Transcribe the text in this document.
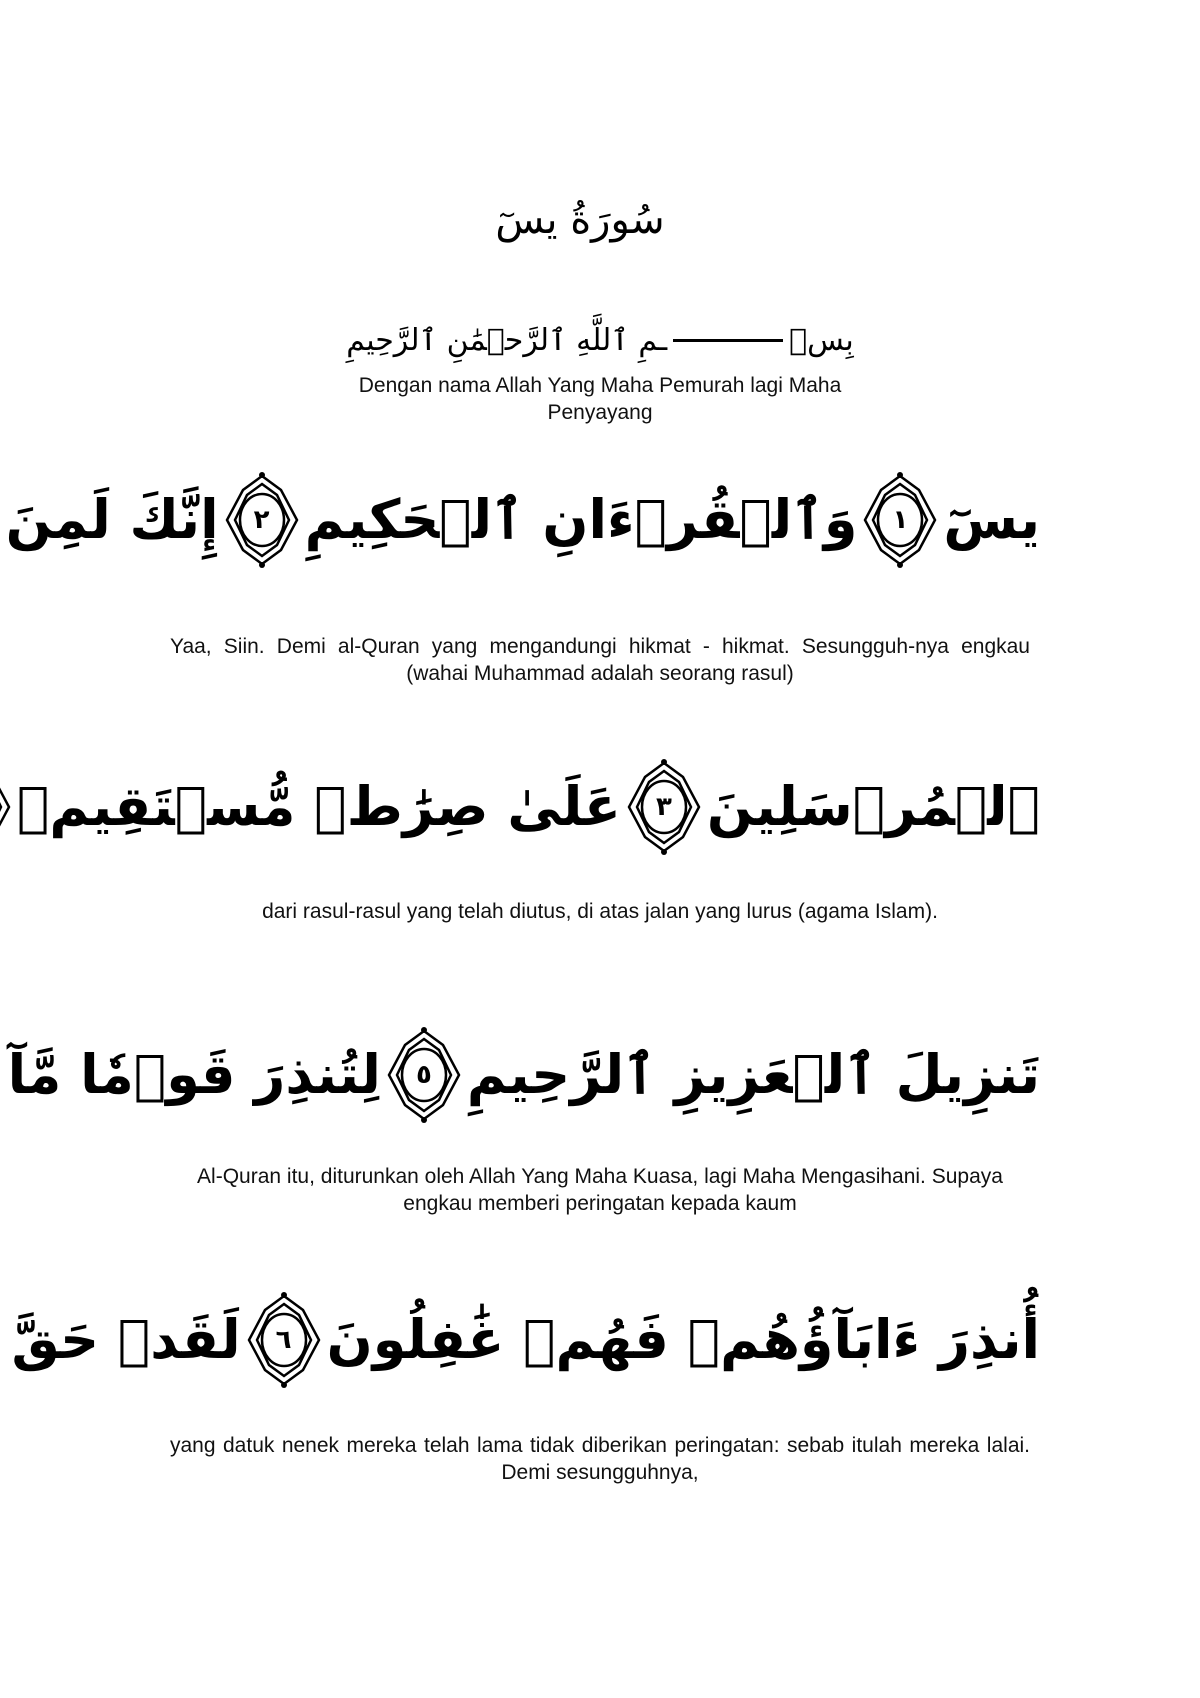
سُورَةُ يسٓ
بِسۡ
ـمِ ٱللَّهِ ٱلرَّحۡمَٰنِ ٱلرَّحِيمِ
Dengan nama Allah Yang Maha Pemurah lagi Maha Penyayang
يسٓ
١
وَٱلۡقُرۡءَانِ ٱلۡحَكِيمِ
٢
إِنَّكَ لَمِنَ
Yaa, Siin. Demi al-Quran yang mengandungi hikmat - hikmat. Sesungguh-nya engkau (wahai Muhammad adalah seorang rasul)
ٱلۡمُرۡسَلِينَ
٣
عَلَىٰ صِرَٰطٖ مُّسۡتَقِيمٖ
dari rasul-rasul yang telah diutus, di atas jalan yang lurus (agama Islam).
تَنزِيلَ ٱلۡعَزِيزِ ٱلرَّحِيمِ
٥
لِتُنذِرَ قَوۡمٗا مَّآ
Al-Quran itu, diturunkan oleh Allah Yang Maha Kuasa, lagi Maha Mengasihani. Supaya engkau memberi peringatan kepada kaum
أُنذِرَ ءَابَآؤُهُمۡ فَهُمۡ غَٰفِلُونَ
٦
لَقَدۡ حَقَّ
yang datuk nenek mereka telah lama tidak diberikan peringatan: sebab itulah mereka lalai. Demi sesungguhnya,
